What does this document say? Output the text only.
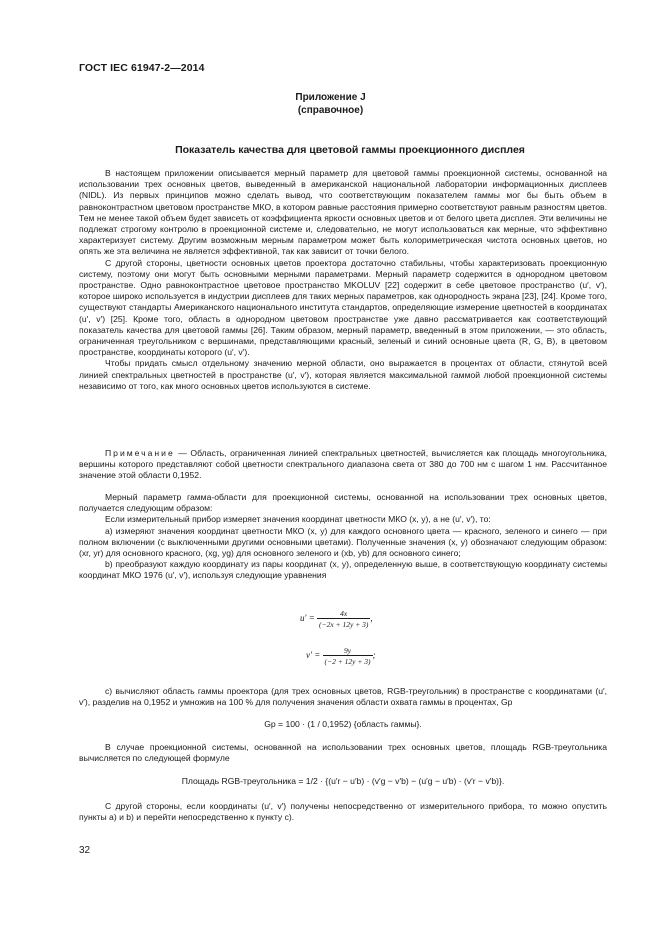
ГОСТ IEC 61947-2—2014
Приложение J
(справочное)
Показатель качества для цветовой гаммы проекционного дисплея

В настоящем приложении описывается мерный параметр для цветовой гаммы проекционной системы, основанной на использовании трех основных цветов, выведенный в американской национальной лаборатории информационных дисплеев (NIDL). Из первых принципов можно сделать вывод, что соответствующим показателем гаммы мог бы быть объем в равноконтрастном цветовом пространстве МКО, в котором равные расстояния примерно соответствуют равным разностям цветов. Тем не менее такой объем будет зависеть от коэффициента яркости основных цветов и от белого цвета дисплея. Эти величины не подлежат строгому контролю в проекционной системе и, следовательно, не могут использоваться как мерные, что эффективно характеризует систему. Другим возможным мерным параметром может быть колориметрическая чистота основных цветов, но опять же эта величина не является эффективной, так как зависит от точки белого.

С другой стороны, цветности основных цветов проектора достаточно стабильны, чтобы характеризовать проекционную систему, поэтому они могут быть основными мерными параметрами. Мерный параметр содержится в однородном цветовом пространстве. Одно равноконтрастное цветовое пространство MKOLUV [22] содержит в себе цветовое пространство (u′, v′), которое широко используется в индустрии дисплеев для таких мерных параметров, как однородность экрана [23], [24]. Кроме того, существуют стандарты Американского национального института стандартов, определяющие измерение цветностей в координатах (u′, v′) [25]. Кроме того, область в однородном цветовом пространстве уже давно рассматривается как соответствующий показатель качества для цветовой гаммы [26]. Таким образом, мерный параметр, введенный в этом приложении, — это область, ограниченная треугольником с вершинами, представляющими красный, зеленый и синий основные цвета (R, G, B), в цветовом пространстве, координаты которого (u′, v′).

Чтобы придать смысл отдельному значению мерной области, оно выражается в процентах от области, стянутой всей линией спектральных цветностей в пространстве (u′, v′), которая является максимальной гаммой любой проекционной системы независимо от того, как много основных цветов используются в системе.

Примечание — Область, ограниченная линией спектральных цветностей, вычисляется как площадь многоугольника, вершины которого представляют собой цветности спектрального диапазона света от 380 до 700 нм с шагом 1 нм. Рассчитанное значение этой области 0,1952.

Мерный параметр гамма-области для проекционной системы, основанной на использовании трех основных цветов, получается следующим образом:

Если измерительный прибор измеряет значения координат цветности МКО (x, y), а не (u′, v′), то:

а) измеряют значения координат цветности МКО (x, y) для каждого основного цвета — красного, зеленого и синего — при полном включении (с выключенными другими основными цветами). Полученные значения (x, y) обозначают следующим образом: (xr, yr) для основного красного, (xg, yg) для основного зеленого и (xb, yb) для основного синего;

b) преобразуют каждую координату из пары координат (x, y), определенную выше, в соответствующую координату системы координат МКО 1976 (u′, v′), используя следующие уравнения

$u' = \frac{4x}{(-2x + 12y + 3)}$ ,
$v' = \frac{9y}{(-2 + 12y + 3)}$ ;

с) вычисляют область гаммы проектора (для трех основных цветов, RGB-треугольник) в пространстве с координатами (u′, v′), разделив на 0,1952 и умножив на 100 % для получения значения области охвата гаммы в процентах, Gp

Gp = 100 · (1 / 0,1952) {область гаммы}.

В случае проекционной системы, основанной на использовании трех основных цветов, площадь RGB-треугольника вычисляется по следующей формуле

Площадь RGB-треугольника = 1/2 · {(u′r − u′b) · (v′g − v′b) − (u′g − u′b) · (v′r − v′b)}.

С другой стороны, если координаты (u′, v′) получены непосредственно от измерительного прибора, то можно опустить пункты а) и b) и перейти непосредственно к пункту с).

32
